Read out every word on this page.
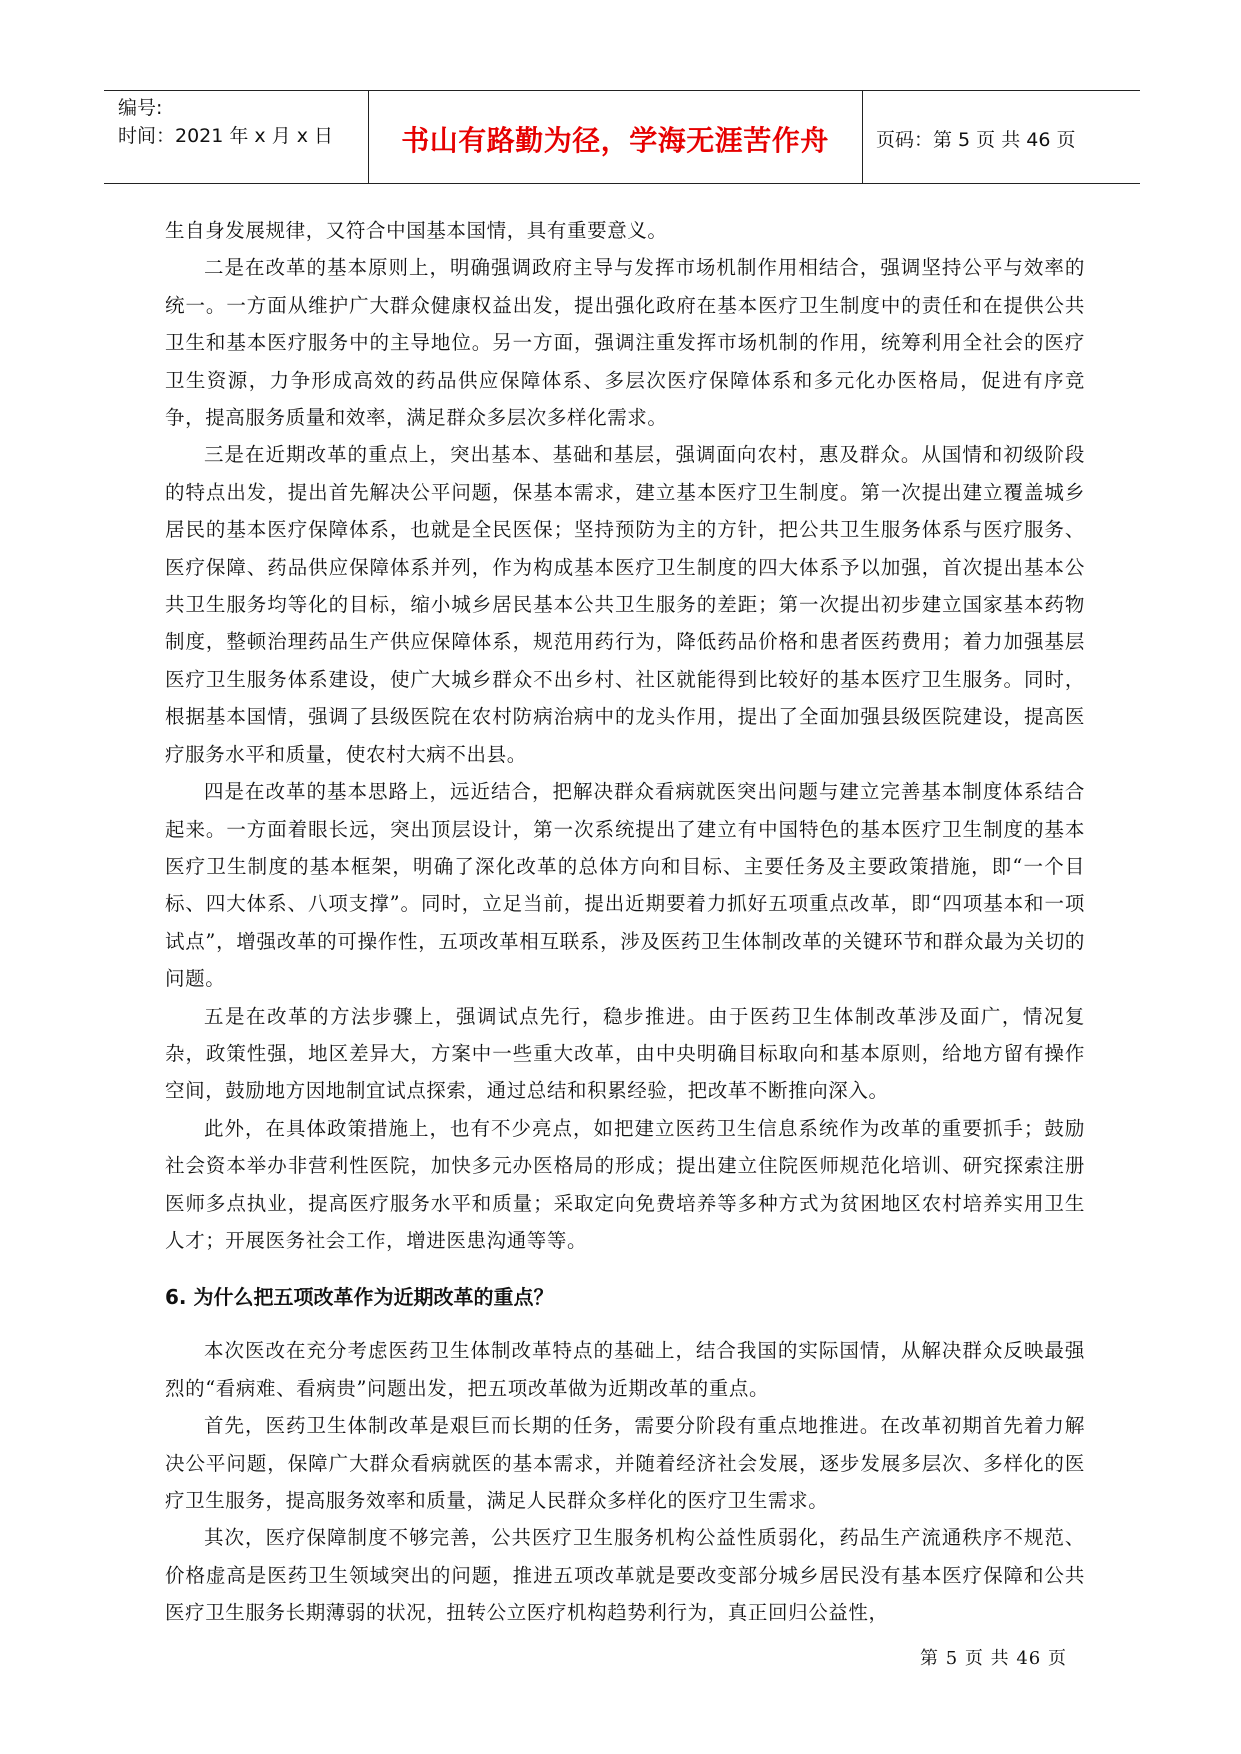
编号:
时间：2021 年 x 月 x 日	书山有路勤为径，学海无涯苦作舟	页码：第 5 页 共 46 页

生自身发展规律，又符合中国基本国情，具有重要意义。

二是在改革的基本原则上，明确强调政府主导与发挥市场机制作用相结合，强调坚持公平与效率的统一。一方面从维护广大群众健康权益出发，提出强化政府在基本医疗卫生制度中的责任和在提供公共卫生和基本医疗服务中的主导地位。另一方面，强调注重发挥市场机制的作用，统筹利用全社会的医疗卫生资源，力争形成高效的药品供应保障体系、多层次医疗保障体系和多元化办医格局，促进有序竞争，提高服务质量和效率，满足群众多层次多样化需求。

三是在近期改革的重点上，突出基本、基础和基层，强调面向农村，惠及群众。从国情和初级阶段的特点出发，提出首先解决公平问题，保基本需求，建立基本医疗卫生制度。第一次提出建立覆盖城乡居民的基本医疗保障体系，也就是全民医保；坚持预防为主的方针，把公共卫生服务体系与医疗服务、医疗保障、药品供应保障体系并列，作为构成基本医疗卫生制度的四大体系予以加强，首次提出基本公共卫生服务均等化的目标，缩小城乡居民基本公共卫生服务的差距；第一次提出初步建立国家基本药物制度，整顿治理药品生产供应保障体系，规范用药行为，降低药品价格和患者医药费用；着力加强基层医疗卫生服务体系建设，使广大城乡群众不出乡村、社区就能得到比较好的基本医疗卫生服务。同时，根据基本国情，强调了县级医院在农村防病治病中的龙头作用，提出了全面加强县级医院建设，提高医疗服务水平和质量，使农村大病不出县。

四是在改革的基本思路上，远近结合，把解决群众看病就医突出问题与建立完善基本制度体系结合起来。一方面着眼长远，突出顶层设计，第一次系统提出了建立有中国特色的基本医疗卫生制度的基本医疗卫生制度的基本框架，明确了深化改革的总体方向和目标、主要任务及主要政策措施，即“一个目标、四大体系、八项支撑”。同时，立足当前，提出近期要着力抓好五项重点改革，即“四项基本和一项试点”，增强改革的可操作性，五项改革相互联系，涉及医药卫生体制改革的关键环节和群众最为关切的问题。

五是在改革的方法步骤上，强调试点先行，稳步推进。由于医药卫生体制改革涉及面广，情况复杂，政策性强，地区差异大，方案中一些重大改革，由中央明确目标取向和基本原则，给地方留有操作空间，鼓励地方因地制宜试点探索，通过总结和积累经验，把改革不断推向深入。

此外，在具体政策措施上，也有不少亮点，如把建立医药卫生信息系统作为改革的重要抓手；鼓励社会资本举办非营利性医院，加快多元办医格局的形成；提出建立住院医师规范化培训、研究探索注册医师多点执业，提高医疗服务水平和质量；采取定向免费培养等多种方式为贫困地区农村培养实用卫生人才；开展医务社会工作，增进医患沟通等等。

6. 为什么把五项改革作为近期改革的重点？

本次医改在充分考虑医药卫生体制改革特点的基础上，结合我国的实际国情，从解决群众反映最强烈的“看病难、看病贵”问题出发，把五项改革做为近期改革的重点。

首先，医药卫生体制改革是艰巨而长期的任务，需要分阶段有重点地推进。在改革初期首先着力解决公平问题，保障广大群众看病就医的基本需求，并随着经济社会发展，逐步发展多层次、多样化的医疗卫生服务，提高服务效率和质量，满足人民群众多样化的医疗卫生需求。

其次，医疗保障制度不够完善，公共医疗卫生服务机构公益性质弱化，药品生产流通秩序不规范、价格虚高是医药卫生领域突出的问题，推进五项改革就是要改变部分城乡居民没有基本医疗保障和公共医疗卫生服务长期薄弱的状况，扭转公立医疗机构趋势利行为，真正回归公益性，

第 5 页 共 46 页
